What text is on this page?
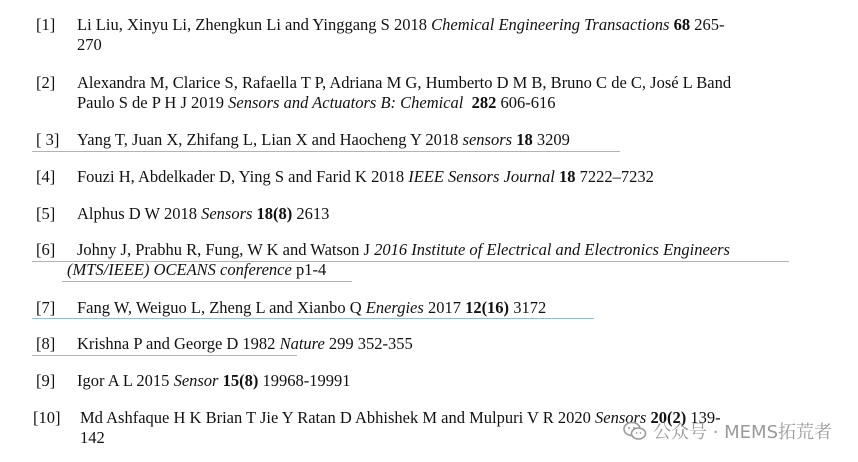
[1] Li Liu, Xinyu Li, Zhengkun Li and Yinggang S 2018 Chemical Engineering Transactions 68 265-
270
[2] Alexandra M, Clarice S, Rafaella T P, Adriana M G, Humberto D M B, Bruno C de C, José L Band
Paulo S de P H J 2019 Sensors and Actuators B: Chemical 282 606-616
[ 3] Yang T, Juan X, Zhifang L, Lian X and Haocheng Y 2018 sensors 18 3209
[4] Fouzi H, Abdelkader D, Ying S and Farid K 2018 IEEE Sensors Journal 18 7222–7232
[5] Alphus D W 2018 Sensors 18(8) 2613
[6] Johny J, Prabhu R, Fung, W K and Watson J 2016 Institute of Electrical and Electronics Engineers
(MTS/IEEE) OCEANS conference p1-4
[7] Fang W, Weiguo L, Zheng L and Xianbo Q Energies 2017 12(16) 3172
[8] Krishna P and George D 1982 Nature 299 352-355
[9] Igor A L 2015 Sensor 15(8) 19968-19991
[10] Md Ashfaque H K Brian T Jie Y Ratan D Abhishek M and Mulpuri V R 2020 Sensors 20(2) 139-
142	公众号 · MEMS拓荒者
